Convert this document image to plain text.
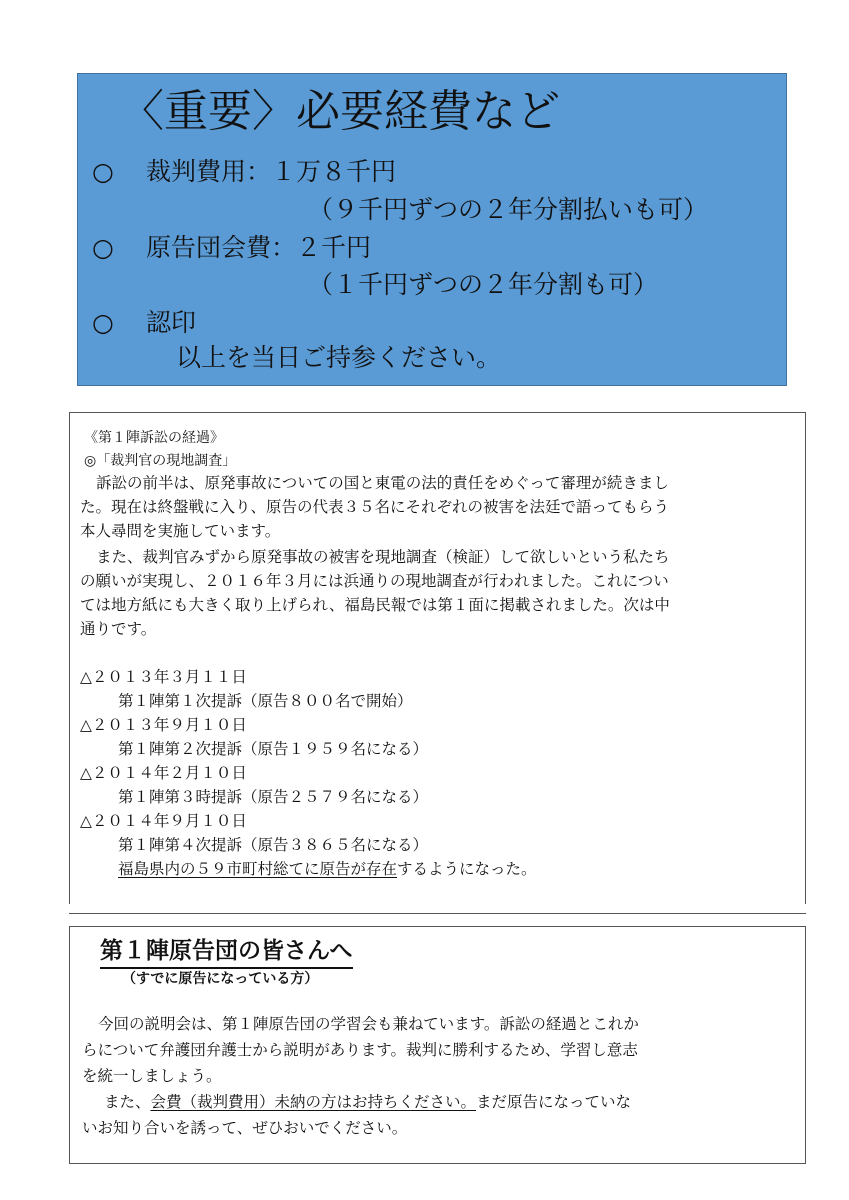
〈重要〉必要経費など
○ 裁判費用：１万８千円
（９千円ずつの２年分割払いも可）
○ 原告団会費：２千円
（１千円ずつの２年分割も可）
○ 認印
以上を当日ご持参ください。
《第１陣訴訟の経過》
◎「裁判官の現地調査」
訴訟の前半は、原発事故についての国と東電の法的責任をめぐって審理が続きまし
た。現在は終盤戦に入り、原告の代表３５名にそれぞれの被害を法廷で語ってもらう
本人尋問を実施しています。
また、裁判官みずから原発事故の被害を現地調査（検証）して欲しいという私たち
の願いが実現し、２０１６年３月には浜通りの現地調査が行われました。これについ
ては地方紙にも大きく取り上げられ、福島民報では第１面に掲載されました。次は中
通りです。
△２０１３年３月１１日
第１陣第１次提訴（原告８００名で開始）
△２０１３年９月１０日
第１陣第２次提訴（原告１９５９名になる）
△２０１４年２月１０日
第１陣第３時提訴（原告２５７９名になる）
△２０１４年９月１０日
第１陣第４次提訴（原告３８６５名になる）
福島県内の５９市町村総てに原告が存在するようになった。
第１陣原告団の皆さんへ
（すでに原告になっている方）
今回の説明会は、第１陣原告団の学習会も兼ねています。訴訟の経過とこれか
らについて弁護団弁護士から説明があります。裁判に勝利するため、学習し意志
を統一しましょう。
また、会費（裁判費用）未納の方はお持ちください。まだ原告になっていな
いお知り合いを誘って、ぜひおいでください。
